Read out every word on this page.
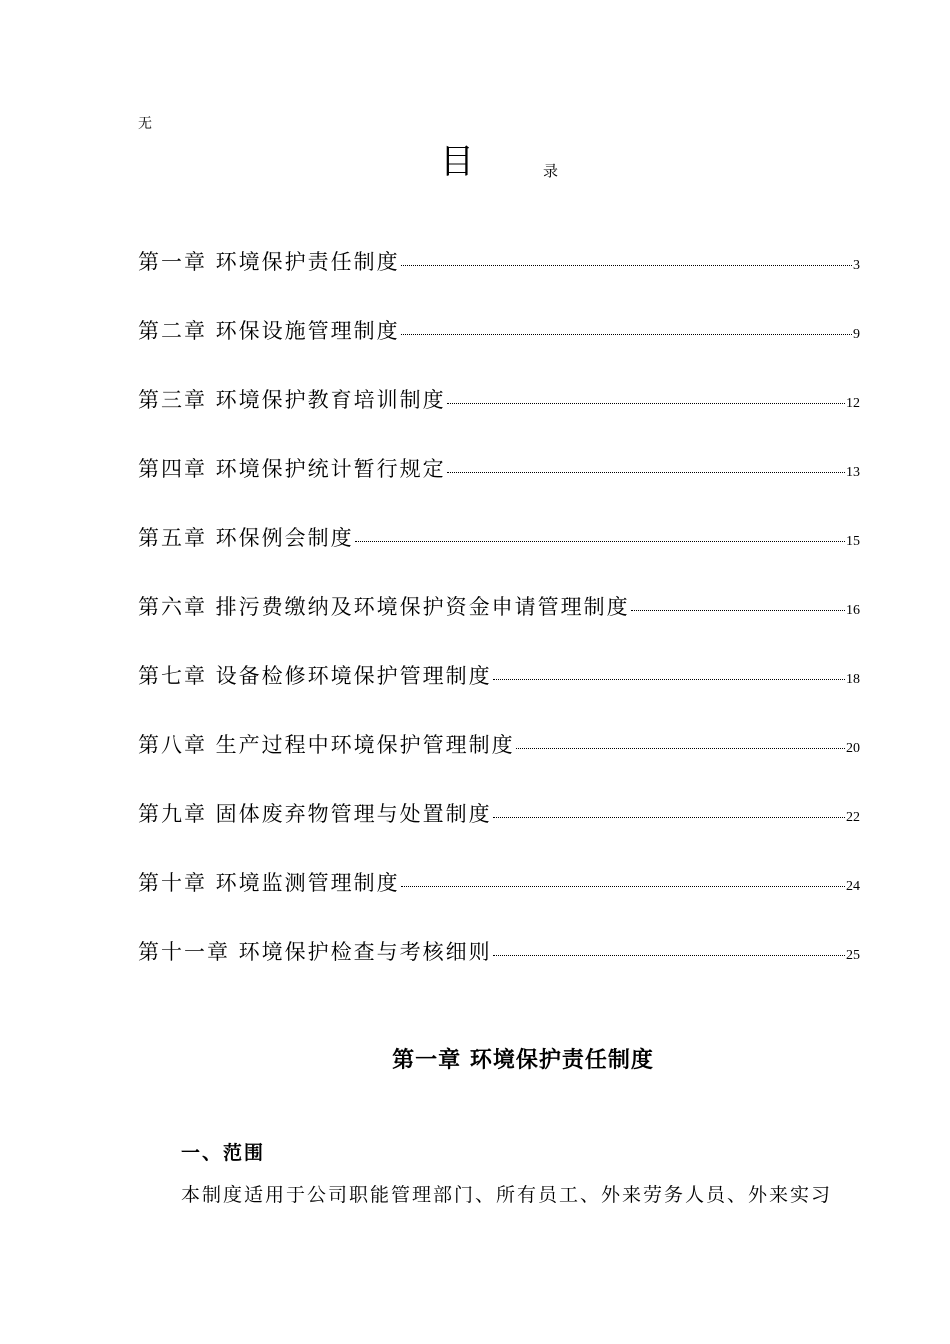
无
目	录
第一章 环境保护责任制度	3
第二章 环保设施管理制度	9
第三章 环境保护教育培训制度	12
第四章 环境保护统计暂行规定	13
第五章 环保例会制度	15
第六章 排污费缴纳及环境保护资金申请管理制度	16
第七章 设备检修环境保护管理制度	18
第八章 生产过程中环境保护管理制度	20
第九章 固体废弃物管理与处置制度	22
第十章 环境监测管理制度	24
第十一章 环境保护检查与考核细则	25
第一章 环境保护责任制度
一、范围
本制度适用于公司职能管理部门、所有员工、外来劳务人员、外来实习
